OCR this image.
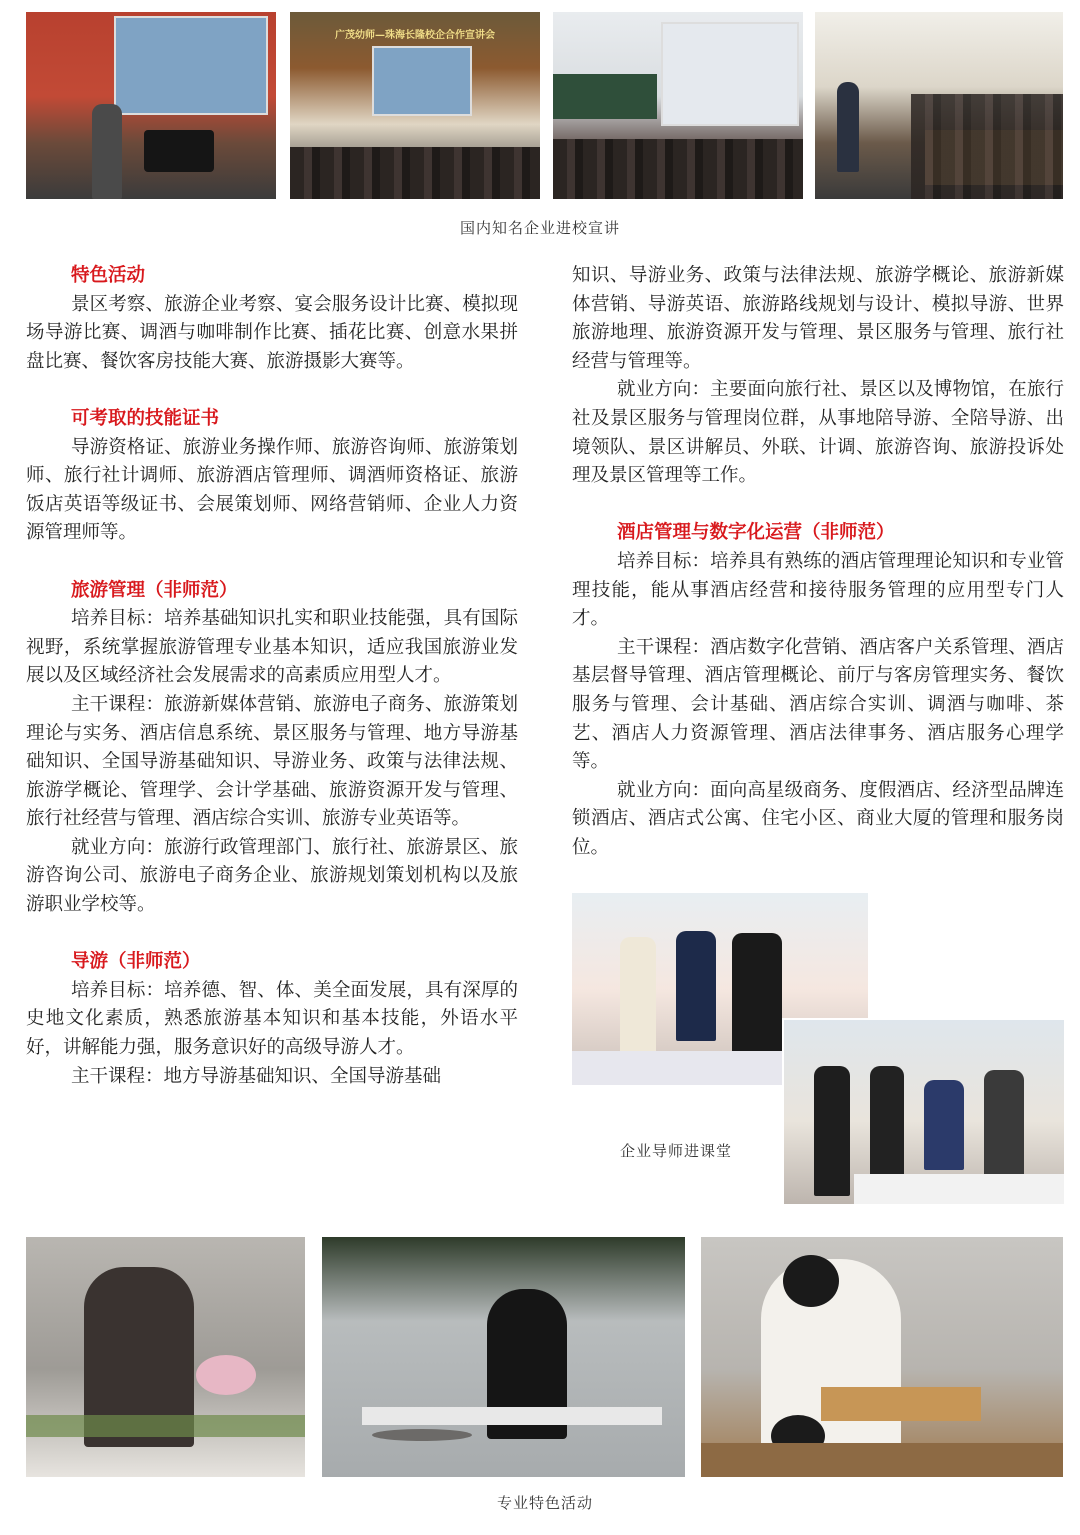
广茂幼师—珠海长隆校企合作宣讲会
国内知名企业进校宣讲
特色活动

景区考察、旅游企业考察、宴会服务设计比赛、模拟现场导游比赛、调酒与咖啡制作比赛、插花比赛、创意水果拼盘比赛、餐饮客房技能大赛、旅游摄影大赛等。

可考取的技能证书

导游资格证、旅游业务操作师、旅游咨询师、旅游策划师、旅行社计调师、旅游酒店管理师、调酒师资格证、旅游饭店英语等级证书、会展策划师、网络营销师、企业人力资源管理师等。

旅游管理（非师范）

培养目标：培养基础知识扎实和职业技能强，具有国际视野，系统掌握旅游管理专业基本知识，适应我国旅游业发展以及区域经济社会发展需求的高素质应用型人才。

主干课程：旅游新媒体营销、旅游电子商务、旅游策划理论与实务、酒店信息系统、景区服务与管理、地方导游基础知识、全国导游基础知识、导游业务、政策与法律法规、旅游学概论、管理学、会计学基础、旅游资源开发与管理、旅行社经营与管理、酒店综合实训、旅游专业英语等。

就业方向：旅游行政管理部门、旅行社、旅游景区、旅游咨询公司、旅游电子商务企业、旅游规划策划机构以及旅游职业学校等。

导游（非师范）

培养目标：培养德、智、体、美全面发展，具有深厚的史地文化素质，熟悉旅游基本知识和基本技能，外语水平好，讲解能力强，服务意识好的高级导游人才。

主干课程：地方导游基础知识、全国导游基础

知识、导游业务、政策与法律法规、旅游学概论、旅游新媒体营销、导游英语、旅游路线规划与设计、模拟导游、世界旅游地理、旅游资源开发与管理、景区服务与管理、旅行社经营与管理等。

就业方向：主要面向旅行社、景区以及博物馆，在旅行社及景区服务与管理岗位群，从事地陪导游、全陪导游、出境领队、景区讲解员、外联、计调、旅游咨询、旅游投诉处理及景区管理等工作。

酒店管理与数字化运营（非师范）

培养目标：培养具有熟练的酒店管理理论知识和专业管理技能，能从事酒店经营和接待服务管理的应用型专门人才。

主干课程：酒店数字化营销、酒店客户关系管理、酒店基层督导管理、酒店管理概论、前厅与客房管理实务、餐饮服务与管理、会计基础、酒店综合实训、调酒与咖啡、茶艺、酒店人力资源管理、酒店法律事务、酒店服务心理学等。

就业方向：面向高星级商务、度假酒店、经济型品牌连锁酒店、酒店式公寓、住宅小区、商业大厦的管理和服务岗位。

企业导师进课堂
专业特色活动
